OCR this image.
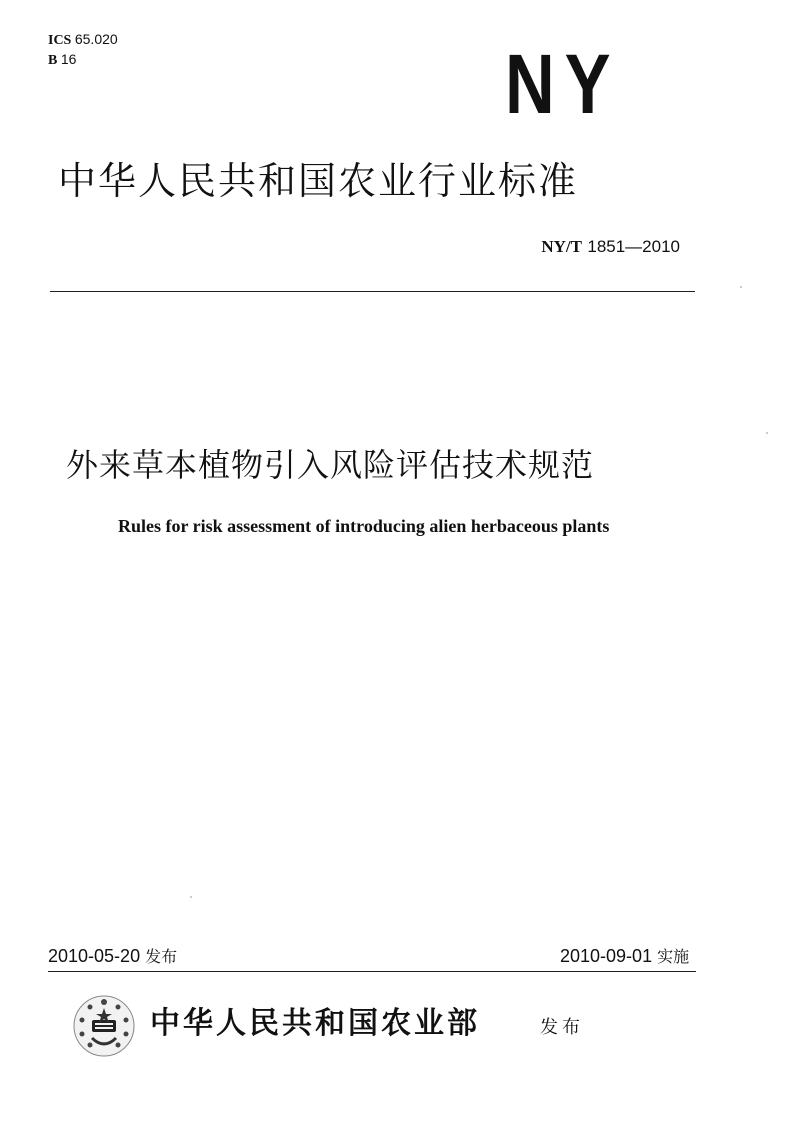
ICS 65.020
B 16	NY
中华人民共和国农业行业标准
NY/T 1851—2010
外来草本植物引入风险评估技术规范
Rules for risk assessment of introducing alien herbaceous plants
2010-05-20 发布	2010-09-01 实施
中华人民共和国农业部	发布
